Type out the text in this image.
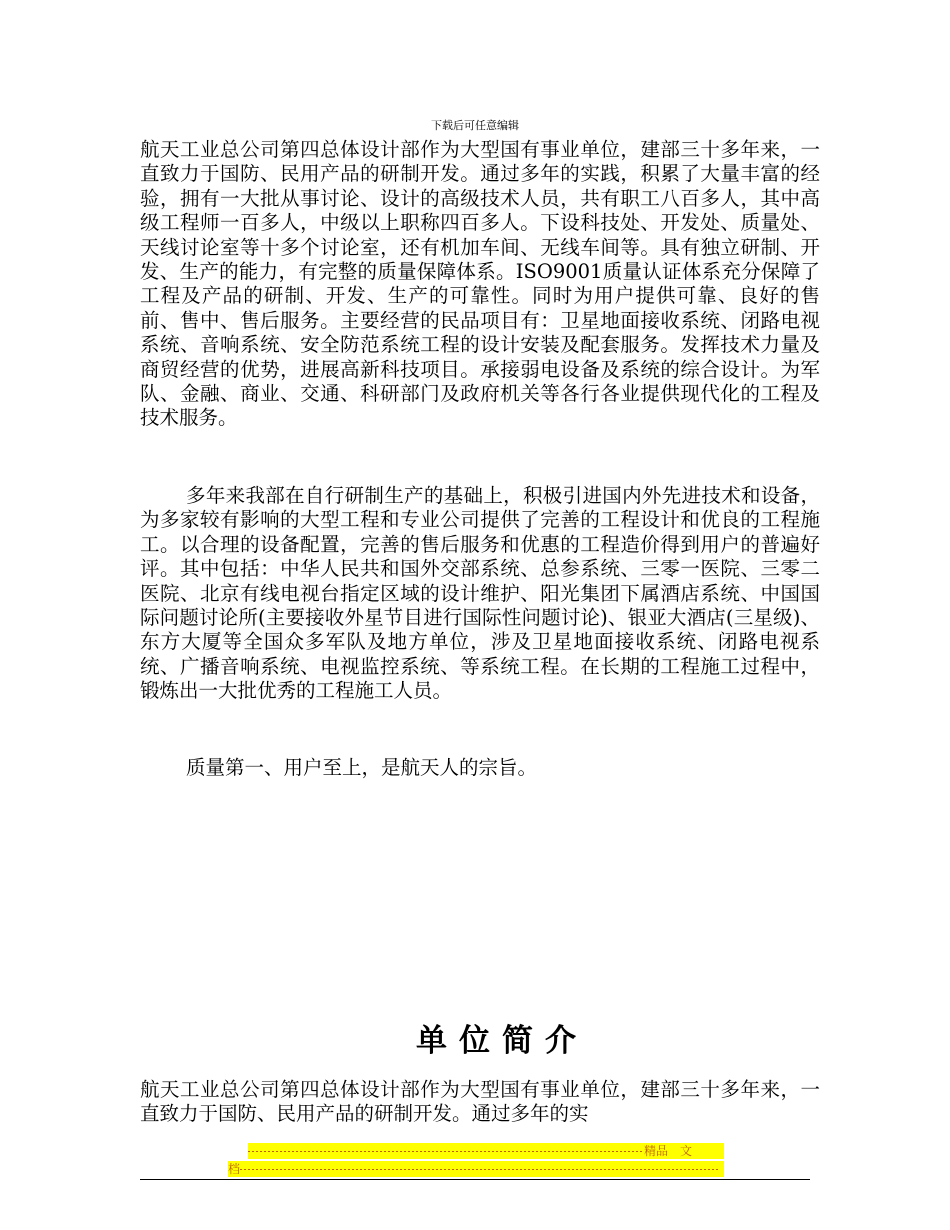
下载后可任意编辑

航天工业总公司第四总体设计部作为大型国有事业单位，建部三十多年来，一直致力于国防、民用产品的研制开发。通过多年的实践，积累了大量丰富的经验，拥有一大批从事讨论、设计的高级技术人员，共有职工八百多人，其中高级工程师一百多人，中级以上职称四百多人。下设科技处、开发处、质量处、天线讨论室等十多个讨论室，还有机加车间、无线车间等。具有独立研制、开发、生产的能力，有完整的质量保障体系。ISO9001质量认证体系充分保障了工程及产品的研制、开发、生产的可靠性。同时为用户提供可靠、良好的售前、售中、售后服务。主要经营的民品项目有：卫星地面接收系统、闭路电视系统、音响系统、安全防范系统工程的设计安装及配套服务。发挥技术力量及商贸经营的优势，进展高新科技项目。承接弱电设备及系统的综合设计。为军队、金融、商业、交通、科研部门及政府机关等各行各业提供现代化的工程及技术服务。

多年来我部在自行研制生产的基础上，积极引进国内外先进技术和设备，为多家较有影响的大型工程和专业公司提供了完善的工程设计和优良的工程施工。以合理的设备配置，完善的售后服务和优惠的工程造价得到用户的普遍好评。其中包括：中华人民共和国外交部系统、总参系统、三零一医院、三零二医院、北京有线电视台指定区域的设计维护、阳光集团下属酒店系统、中国国际问题讨论所(主要接收外星节目进行国际性问题讨论)、银亚大酒店(三星级)、东方大厦等全国众多军队及地方单位，涉及卫星地面接收系统、闭路电视系统、广播音响系统、电视监控系统、等系统工程。在长期的工程施工过程中，锻炼出一大批优秀的工程施工人员。

质量第一、用户至上，是航天人的宗旨。

单位简介

航天工业总公司第四总体设计部作为大型国有事业单位，建部三十多年来，一直致力于国防、民用产品的研制开发。通过多年的实

精品　文
档
